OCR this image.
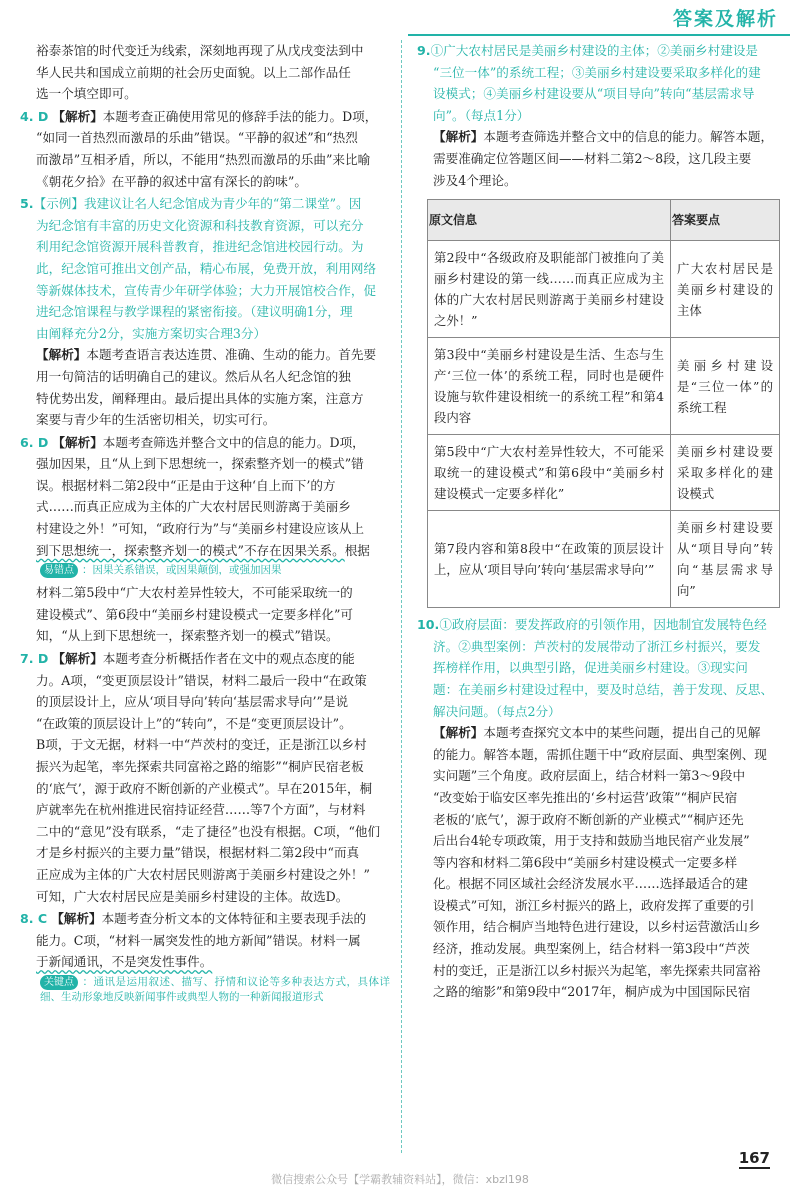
答案及解析

裕泰茶馆的时代变迁为线索，深刻地再现了从戊戌变法到中

华人民共和国成立前期的社会历史面貌。以上二部作品任

选一个填空即可。

4. D 【解析】本题考查正确使用常见的修辞手法的能力。D项，

“如同一首热烈而激昂的乐曲”错误。“平静的叙述”和“热烈

而激昂”互相矛盾，所以，不能用“热烈而激昂的乐曲”来比喻

《朝花夕拾》在平静的叙述中富有深长的韵味”。

5.【示例】我建议让名人纪念馆成为青少年的“第二课堂”。因

为纪念馆有丰富的历史文化资源和科技教育资源，可以充分

利用纪念馆资源开展科普教育，推进纪念馆进校园行动。为

此，纪念馆可推出文创产品，精心布展，免费开放，利用网络

等新媒体技术，宣传青少年研学体验；大力开展馆校合作，促

进纪念馆课程与教学课程的紧密衔接。（建议明确1分，理

由阐释充分2分，实施方案切实合理3分）

【解析】本题考查语言表达连贯、准确、生动的能力。首先要

用一句简洁的话明确自己的建议。然后从名人纪念馆的独

特优势出发，阐释理由。最后提出具体的实施方案，注意方

案要与青少年的生活密切相关，切实可行。

6. D 【解析】本题考查筛选并整合文中的信息的能力。D项，

强加因果，且“从上到下思想统一，探索整齐划一的模式”错

误。根据材料二第2段中“正是由于这种‘自上而下’的方

式……而真正应成为主体的广大农村居民则游离于美丽乡

村建设之外！”可知，“政府行为”与“美丽乡村建设应该从上

到下思想统一，探索整齐划一的模式”不存在因果关系。根据

易错点 ：因果关系错误，或因果颠倒，或强加因果

材料二第5段中“广大农村差异性较大，不可能采取统一的

建设模式”、第6段中“美丽乡村建设模式一定要多样化”可

知，“从上到下思想统一，探索整齐划一的模式”错误。

7. D 【解析】本题考查分析概括作者在文中的观点态度的能

力。A项，“变更顶层设计”错误，材料二最后一段中“在政策

的顶层设计上，应从‘项目导向’转向‘基层需求导向’”是说

“在政策的顶层设计上”的“转向”，不是“变更顶层设计”。

B项，于文无据，材料一中“芦茨村的变迁，正是浙江以乡村

振兴为起笔，率先探索共同富裕之路的缩影”“桐庐民宿老板

的‘底气’，源于政府不断创新的产业模式”。早在2015年，桐

庐就率先在杭州推进民宿持证经营……等7个方面”，与材料

二中的“意见”没有联系，“走了捷径”也没有根据。C项，“他们

才是乡村振兴的主要力量”错误，根据材料二第2段中“而真

正应成为主体的广大农村居民则游离于美丽乡村建设之外！”

可知，广大农村居民应是美丽乡村建设的主体。故选D。

8. C 【解析】本题考查分析文本的文体特征和主要表现手法的

能力。C项，“材料一属突发性的地方新闻”错误。材料一属

于新闻通讯，不是突发性事件。

关键点 ：通讯是运用叙述、描写、抒情和议论等多种表达方式，具体详细、生动形象地反映新闻事件或典型人物的一种新闻报道形式
9.①广大农村居民是美丽乡村建设的主体；②美丽乡村建设是

“三位一体”的系统工程；③美丽乡村建设要采取多样化的建

设模式；④美丽乡村建设要从“项目导向”转向“基层需求导

向”。（每点1分）

【解析】本题考查筛选并整合文中的信息的能力。解答本题，

需要准确定位答题区间——材料二第2～8段，这几段主要

涉及4个理论。

原文信息	答案要点
第2段中“各级政府及职能部门被推向了美丽乡村建设的第一线……而真正应成为主体的广大农村居民则游离于美丽乡村建设之外！”	广大农村居民是美丽乡村建设的主体
第3段中“美丽乡村建设是生活、生态与生产‘三位一体’的系统工程，同时也是硬件设施与软件建设相统一的系统工程”和第4段内容	美丽乡村建设是“三位一体”的系统工程
第5段中“广大农村差异性较大，不可能采取统一的建设模式”和第6段中“美丽乡村建设模式一定要多样化”	美丽乡村建设要采取多样化的建设模式
第7段内容和第8段中“在政策的顶层设计上，应从‘项目导向’转向‘基层需求导向’”	美丽乡村建设要从“项目导向”转向“基层需求导向”
10.①政府层面：要发挥政府的引领作用，因地制宜发展特色经

济。②典型案例：芦茨村的发展带动了浙江乡村振兴，要发

挥榜样作用，以典型引路，促进美丽乡村建设。③现实问

题：在美丽乡村建设过程中，要及时总结，善于发现、反思、

解决问题。（每点2分）

【解析】本题考查探究文本中的某些问题，提出自己的见解

的能力。解答本题，需抓住题干中“政府层面、典型案例、现

实问题”三个角度。政府层面上，结合材料一第3～9段中

“改变始于临安区率先推出的‘乡村运营’政策”“桐庐民宿

老板的‘底气’，源于政府不断创新的产业模式”“桐庐还先

后出台4轮专项政策，用于支持和鼓励当地民宿产业发展”

等内容和材料二第6段中“美丽乡村建设模式一定要多样

化。根据不同区域社会经济发展水平……选择最适合的建

设模式”可知，浙江乡村振兴的路上，政府发挥了重要的引

领作用，结合桐庐当地特色进行建设，以乡村运营激活山乡

经济，推动发展。典型案例上，结合材料一第3段中“芦茨

村的变迁，正是浙江以乡村振兴为起笔，率先探索共同富裕

之路的缩影”和第9段中“2017年，桐庐成为中国国际民宿

167
微信搜索公众号【学霸教辅资料站】，微信：xbzl198
